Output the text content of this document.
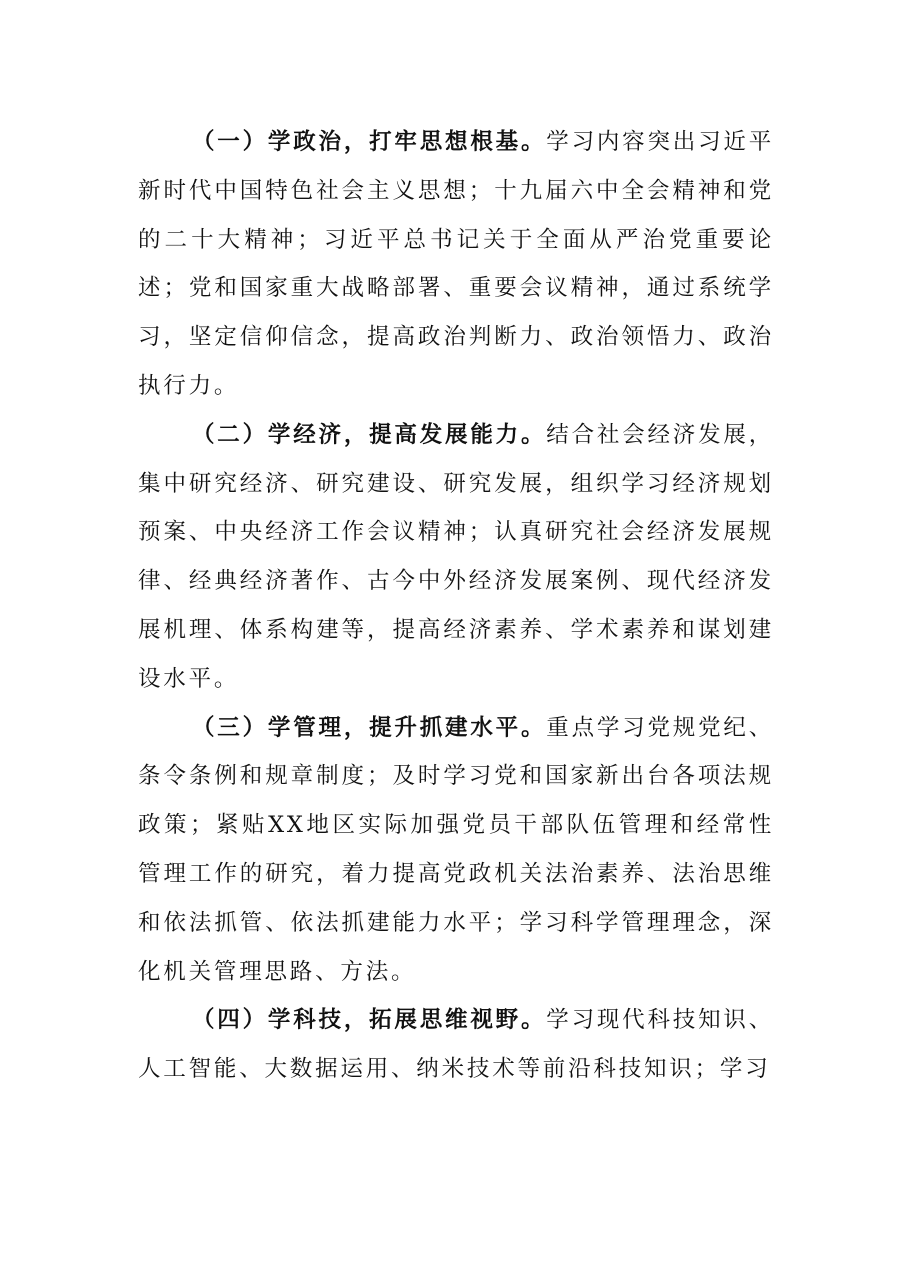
（一）学政治，打牢思想根基。学习内容突出习近平新时代中国特色社会主义思想；十九届六中全会精神和党的二十大精神；习近平总书记关于全面从严治党重要论述；党和国家重大战略部署、重要会议精神，通过系统学习，坚定信仰信念，提高政治判断力、政治领悟力、政治执行力。

（二）学经济，提高发展能力。结合社会经济发展，集中研究经济、研究建设、研究发展，组织学习经济规划预案、中央经济工作会议精神；认真研究社会经济发展规律、经典经济著作、古今中外经济发展案例、现代经济发展机理、体系构建等，提高经济素养、学术素养和谋划建设水平。

（三）学管理，提升抓建水平。重点学习党规党纪、条令条例和规章制度；及时学习党和国家新出台各项法规政策；紧贴XX地区实际加强党员干部队伍管理和经常性管理工作的研究，着力提高党政机关法治素养、法治思维和依法抓管、依法抓建能力水平；学习科学管理理念，深化机关管理思路、方法。

（四）学科技，拓展思维视野。学习现代科技知识、人工智能、大数据运用、纳米技术等前沿科技知识；学习
